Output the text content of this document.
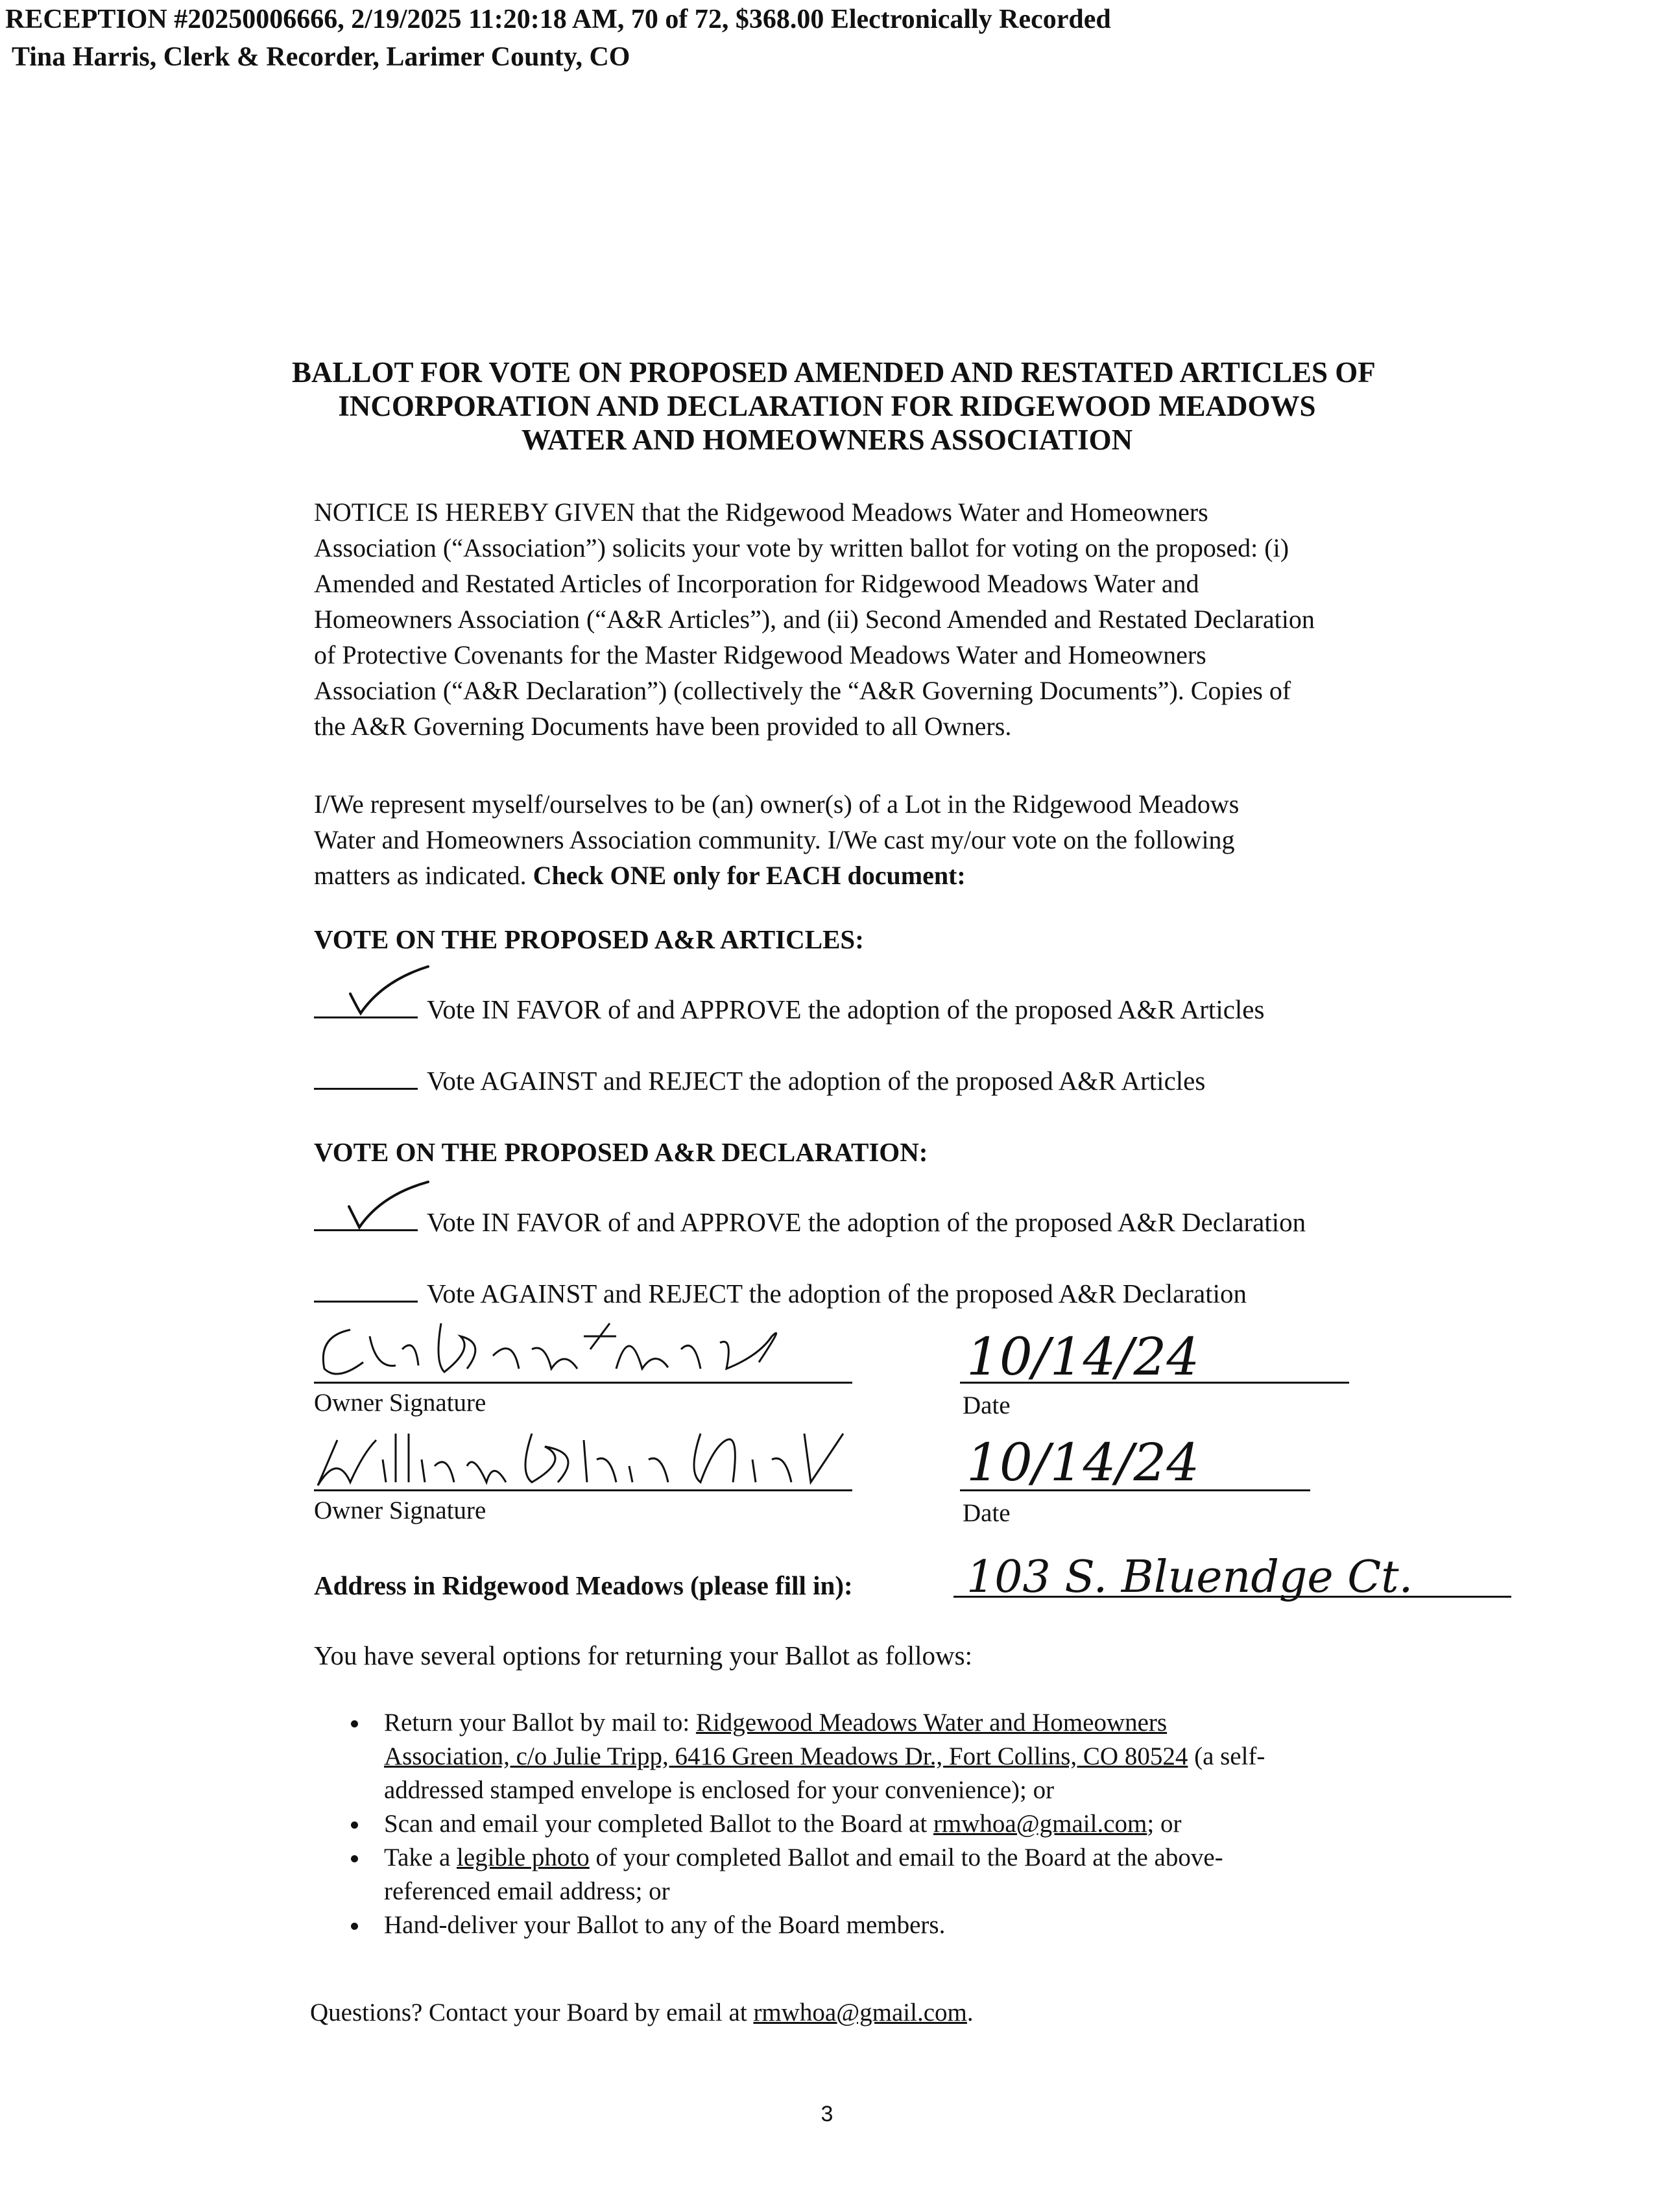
RECEPTION #20250006666, 2/19/2025 11:20:18 AM, 70 of 72, $368.00 Electronically Recorded
Tina Harris, Clerk & Recorder, Larimer County, CO
BALLOT FOR VOTE ON PROPOSED AMENDED AND RESTATED ARTICLES OF
INCORPORATION AND DECLARATION FOR RIDGEWOOD MEADOWS
WATER AND HOMEOWNERS ASSOCIATION
NOTICE IS HEREBY GIVEN that the Ridgewood Meadows Water and Homeowners
Association (“Association”) solicits your vote by written ballot for voting on the proposed: (i)
Amended and Restated Articles of Incorporation for Ridgewood Meadows Water and
Homeowners Association (“A&R Articles”), and (ii) Second Amended and Restated Declaration
of Protective Covenants for the Master Ridgewood Meadows Water and Homeowners
Association (“A&R Declaration”) (collectively the “A&R Governing Documents”). Copies of
the A&R Governing Documents have been provided to all Owners.
I/We represent myself/ourselves to be (an) owner(s) of a Lot in the Ridgewood Meadows
Water and Homeowners Association community. I/We cast my/our vote on the following
matters as indicated. Check ONE only for EACH document:
VOTE ON THE PROPOSED A&R ARTICLES:
Vote IN FAVOR of and APPROVE the adoption of the proposed A&R Articles
Vote AGAINST and REJECT the adoption of the proposed A&R Articles
VOTE ON THE PROPOSED A&R DECLARATION:
Vote IN FAVOR of and APPROVE the adoption of the proposed A&R Declaration
Vote AGAINST and REJECT the adoption of the proposed A&R Declaration
Owner Signature
10/14/24
Date
Owner Signature
10/14/24
Date
Address in Ridgewood Meadows (please fill in):	103 S. Bluendge Ct.
You have several options for returning your Ballot as follows:
• Return your Ballot by mail to: Ridgewood Meadows Water and Homeowners
Association, c/o Julie Tripp, 6416 Green Meadows Dr., Fort Collins, CO 80524 (a self-
addressed stamped envelope is enclosed for your convenience); or
• Scan and email your completed Ballot to the Board at rmwhoa@gmail.com; or
• Take a legible photo of your completed Ballot and email to the Board at the above-
referenced email address; or
• Hand-deliver your Ballot to any of the Board members.
Questions? Contact your Board by email at rmwhoa@gmail.com.
3
